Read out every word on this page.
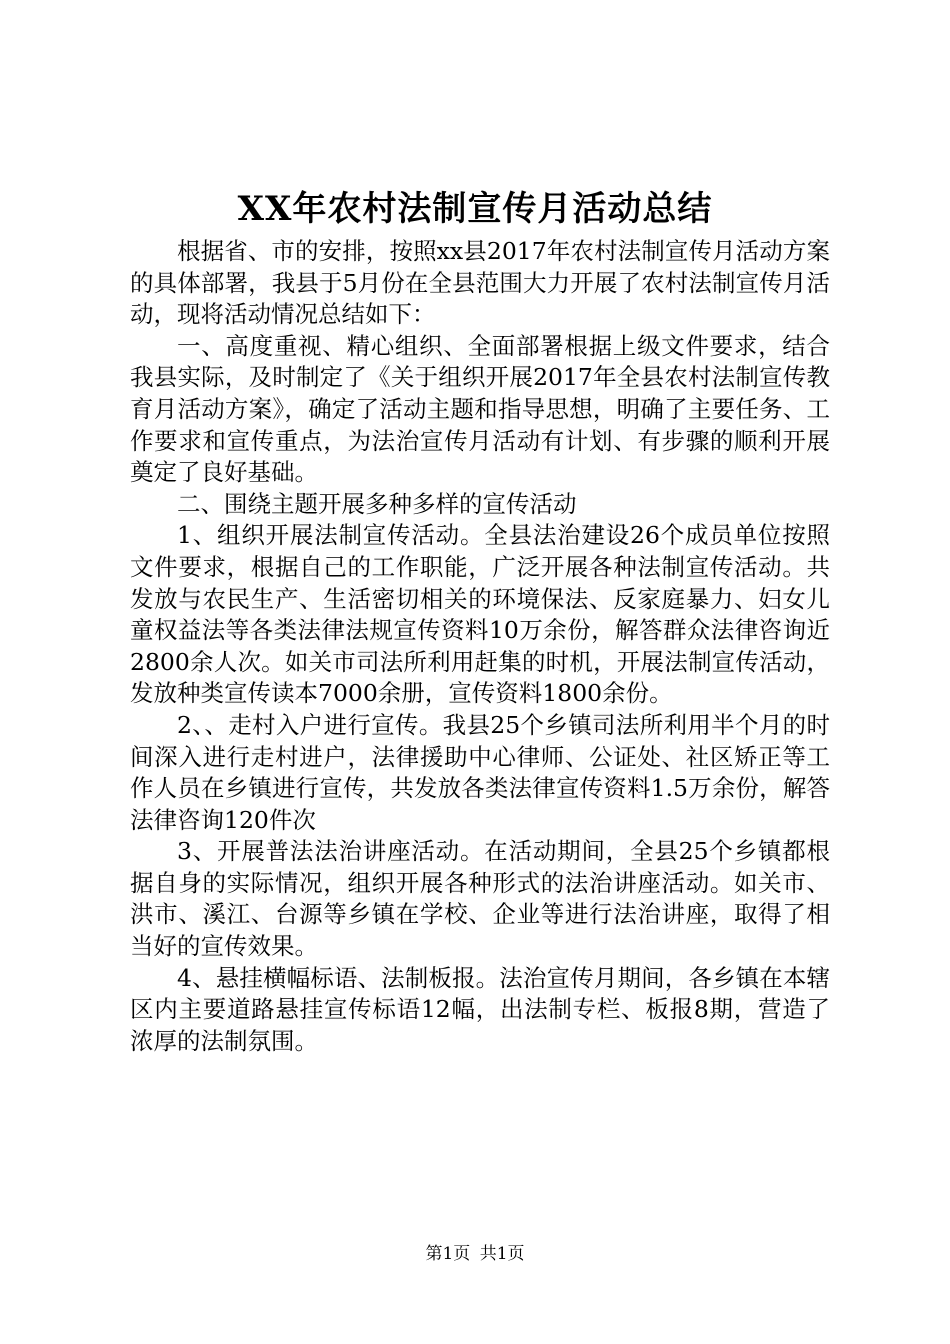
XX年农村法制宣传月活动总结

根据省、市的安排，按照xx县2017年农村法制宣传月活动方案的具体部署，我县于5月份在全县范围大力开展了农村法制宣传月活动，现将活动情况总结如下：

一、高度重视、精心组织、全面部署根据上级文件要求，结合我县实际，及时制定了《关于组织开展2017年全县农村法制宣传教育月活动方案》，确定了活动主题和指导思想，明确了主要任务、工作要求和宣传重点，为法治宣传月活动有计划、有步骤的顺利开展奠定了良好基础。

二、围绕主题开展多种多样的宣传活动

1、组织开展法制宣传活动。全县法治建设26个成员单位按照文件要求，根据自己的工作职能，广泛开展各种法制宣传活动。共发放与农民生产、生活密切相关的环境保法、反家庭暴力、妇女儿童权益法等各类法律法规宣传资料10万余份，解答群众法律咨询近2800余人次。如关市司法所利用赶集的时机，开展法制宣传活动，发放种类宣传读本7000余册，宣传资料1800余份。

2、、走村入户进行宣传。我县25个乡镇司法所利用半个月的时间深入进行走村进户，法律援助中心律师、公证处、社区矫正等工作人员在乡镇进行宣传，共发放各类法律宣传资料1.5万余份，解答法律咨询120件次

3、开展普法法治讲座活动。在活动期间，全县25个乡镇都根据自身的实际情况，组织开展各种形式的法治讲座活动。如关市、洪市、溪江、台源等乡镇在学校、企业等进行法治讲座，取得了相当好的宣传效果。

4、悬挂横幅标语、法制板报。法治宣传月期间，各乡镇在本辖区内主要道路悬挂宣传标语12幅，出法制专栏、板报8期，营造了浓厚的法制氛围。

第1页 共1页
